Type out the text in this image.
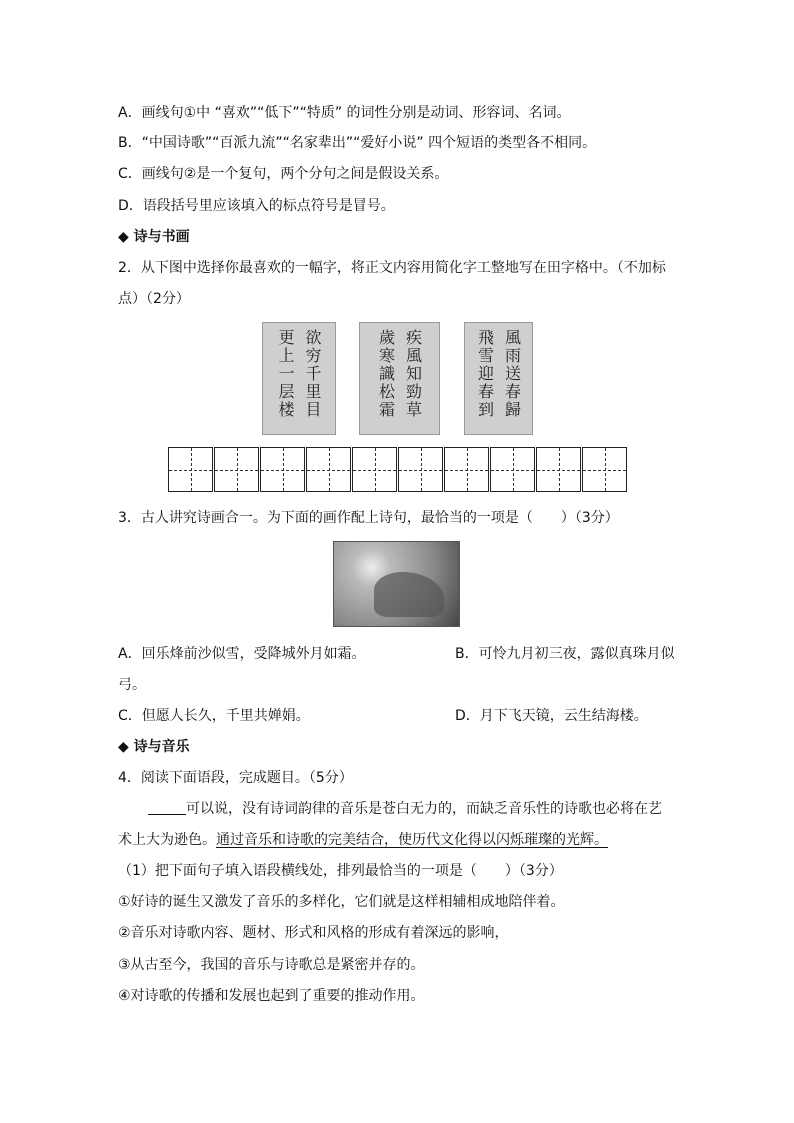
A．画线句①中 “喜欢”“低下”“特质” 的词性分别是动词、形容词、名词。
B．“中国诗歌”“百派九流”“名家辈出”“爱好小说” 四个短语的类型各不相同。
C．画线句②是一个复句，两个分句之间是假设关系。
D．语段括号里应该填入的标点符号是冒号。
◆ 诗与书画
2．从下图中选择你最喜欢的一幅字，将正文内容用简化字工整地写在田字格中。（不加标
点）（2分）
欲穷千里目
更上一层楼	疾風知勁草
歲寒識松霜	風雨送春歸
飛雪迎春到
3．古人讲究诗画合一。为下面的画作配上诗句，最恰当的一项是（　　）（3分）
A．回乐烽前沙似雪，受降城外月如霜。	B．可怜九月初三夜，露似真珠月似
弓。
C．但愿人长久，千里共婵娟。	D．月下飞天镜，云生结海楼。
◆ 诗与音乐
4．阅读下面语段，完成题目。（5分）
可以说，没有诗词韵律的音乐是苍白无力的，而缺乏音乐性的诗歌也必将在艺
术上大为逊色。通过音乐和诗歌的完美结合，使历代文化得以闪烁璀璨的光辉。
（1）把下面句子填入语段横线处，排列最恰当的一项是（　　）（3分）
①好诗的诞生又激发了音乐的多样化，它们就是这样相辅相成地陪伴着。
②音乐对诗歌内容、题材、形式和风格的形成有着深远的影响，
③从古至今，我国的音乐与诗歌总是紧密并存的。
④对诗歌的传播和发展也起到了重要的推动作用。
